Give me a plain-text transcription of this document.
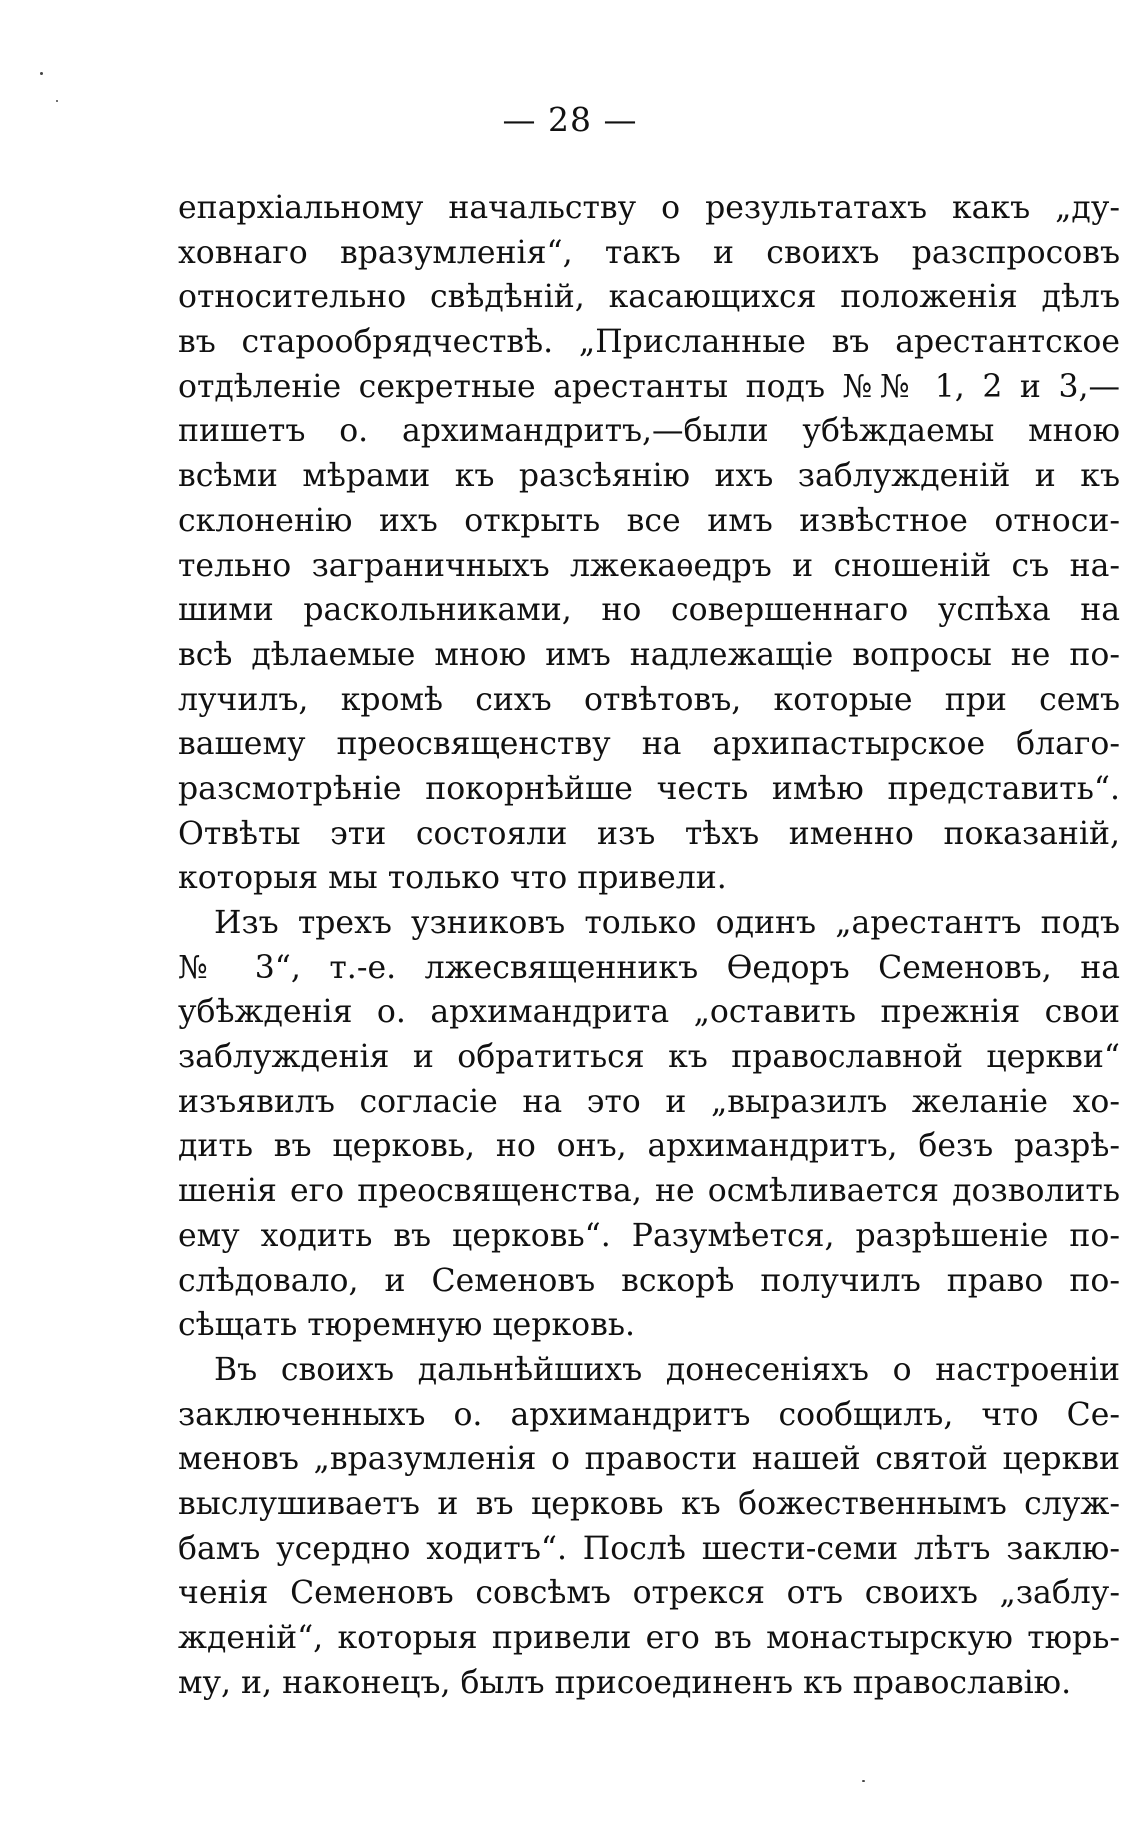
— 28 —
епархіальному начальству о результатахъ какъ „ду-
ховнаго вразумленія“, такъ и своихъ разспросовъ
относительно свѣдѣній, касающихся положенія дѣлъ
въ старообрядчествѣ. „Присланные въ арестантское
отдѣленіе секретные арестанты подъ №№ 1, 2 и 3,—
пишетъ о. архимандритъ,—были убѣждаемы мною
всѣми мѣрами къ разсѣянію ихъ заблужденій и къ
склоненію ихъ открыть все имъ извѣстное относи-
тельно заграничныхъ лжекаѳедръ и сношеній съ на-
шими раскольниками, но совершеннаго успѣха на
всѣ дѣлаемые мною имъ надлежащіе вопросы не по-
лучилъ, кромѣ сихъ отвѣтовъ, которые при семъ
вашему преосвященству на архипастырское благо-
разсмотрѣніе покорнѣйше честь имѣю представить“.
Отвѣты эти состояли изъ тѣхъ именно показаній,
которыя мы только что привели.
Изъ трехъ узниковъ только одинъ „арестантъ подъ
№ 3“, т.-е. лжесвященникъ Ѳедоръ Семеновъ, на
убѣжденія о. архимандрита „оставить прежнія свои
заблужденія и обратиться къ православной церкви“
изъявилъ согласіе на это и „выразилъ желаніе хо-
дить въ церковь, но онъ, архимандритъ, безъ разрѣ-
шенія его преосвященства, не осмѣливается дозволить
ему ходить въ церковь“. Разумѣется, разрѣшеніе по-
слѣдовало, и Семеновъ вскорѣ получилъ право по-
сѣщать тюремную церковь.
Въ своихъ дальнѣйшихъ донесеніяхъ о настроеніи
заключенныхъ о. архимандритъ сообщилъ, что Се-
меновъ „вразумленія о правости нашей святой церкви
выслушиваетъ и въ церковь къ божественнымъ служ-
бамъ усердно ходитъ“. Послѣ шести-семи лѣтъ заклю-
ченія Семеновъ совсѣмъ отрекся отъ своихъ „заблу-
жденій“, которыя привели его въ монастырскую тюрь-
му, и, наконецъ, былъ присоединенъ къ православію.
